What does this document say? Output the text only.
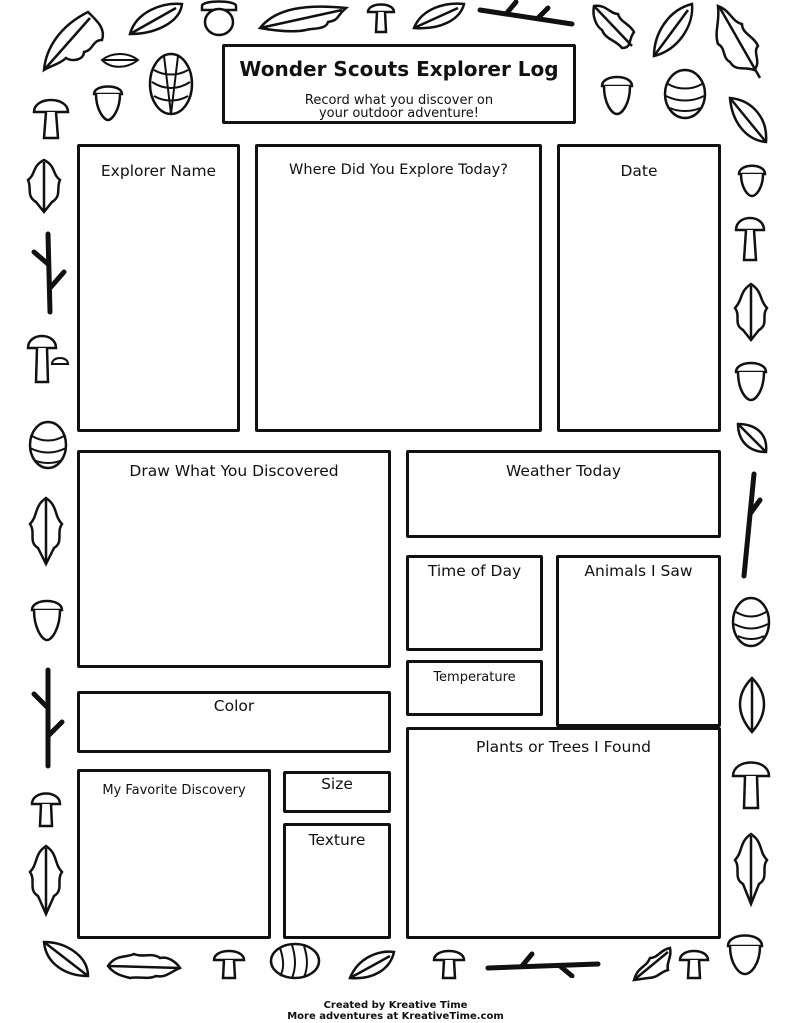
Wonder Scouts Explorer Log
Record what you discover on
your outdoor adventure!
Explorer Name	Where Did You Explore Today?	Date
Draw What You Discovered	Weather Today
Time of Day	Animals I Saw
Temperature
Color
Plants or Trees I Found
My Favorite Discovery	Size
Texture
Created by Kreative Time
More adventures at KreativeTime.com
